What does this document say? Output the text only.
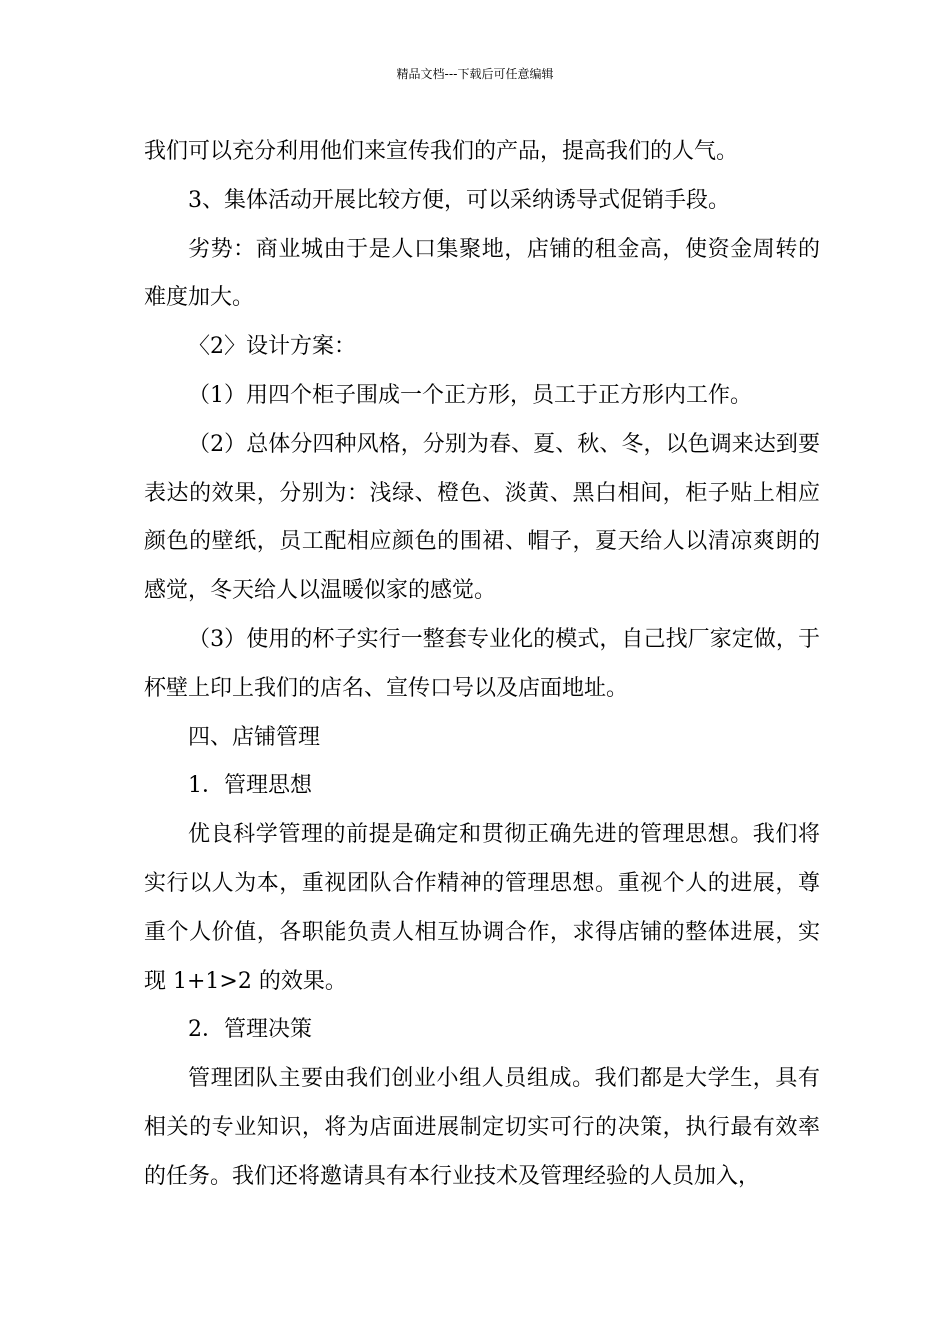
精品文档---下载后可任意编辑

我们可以充分利用他们来宣传我们的产品，提高我们的人气。

3、集体活动开展比较方便，可以采纳诱导式促销手段。

劣势：商业城由于是人口集聚地，店铺的租金高，使资金周转的难度加大。

〈2〉设计方案：

（1）用四个柜子围成一个正方形，员工于正方形内工作。

（2）总体分四种风格，分别为春、夏、秋、冬，以色调来达到要表达的效果，分别为：浅绿、橙色、淡黄、黑白相间，柜子贴上相应颜色的壁纸，员工配相应颜色的围裙、帽子，夏天给人以清凉爽朗的感觉，冬天给人以温暖似家的感觉。

（3）使用的杯子实行一整套专业化的模式，自己找厂家定做，于杯壁上印上我们的店名、宣传口号以及店面地址。

四、店铺管理

1．管理思想

优良科学管理的前提是确定和贯彻正确先进的管理思想。我们将实行以人为本，重视团队合作精神的管理思想。重视个人的进展，尊重个人价值，各职能负责人相互协调合作，求得店铺的整体进展，实现 1+1>2 的效果。

2．管理决策

管理团队主要由我们创业小组人员组成。我们都是大学生，具有相关的专业知识，将为店面进展制定切实可行的决策，执行最有效率的任务。我们还将邀请具有本行业技术及管理经验的人员加入，
